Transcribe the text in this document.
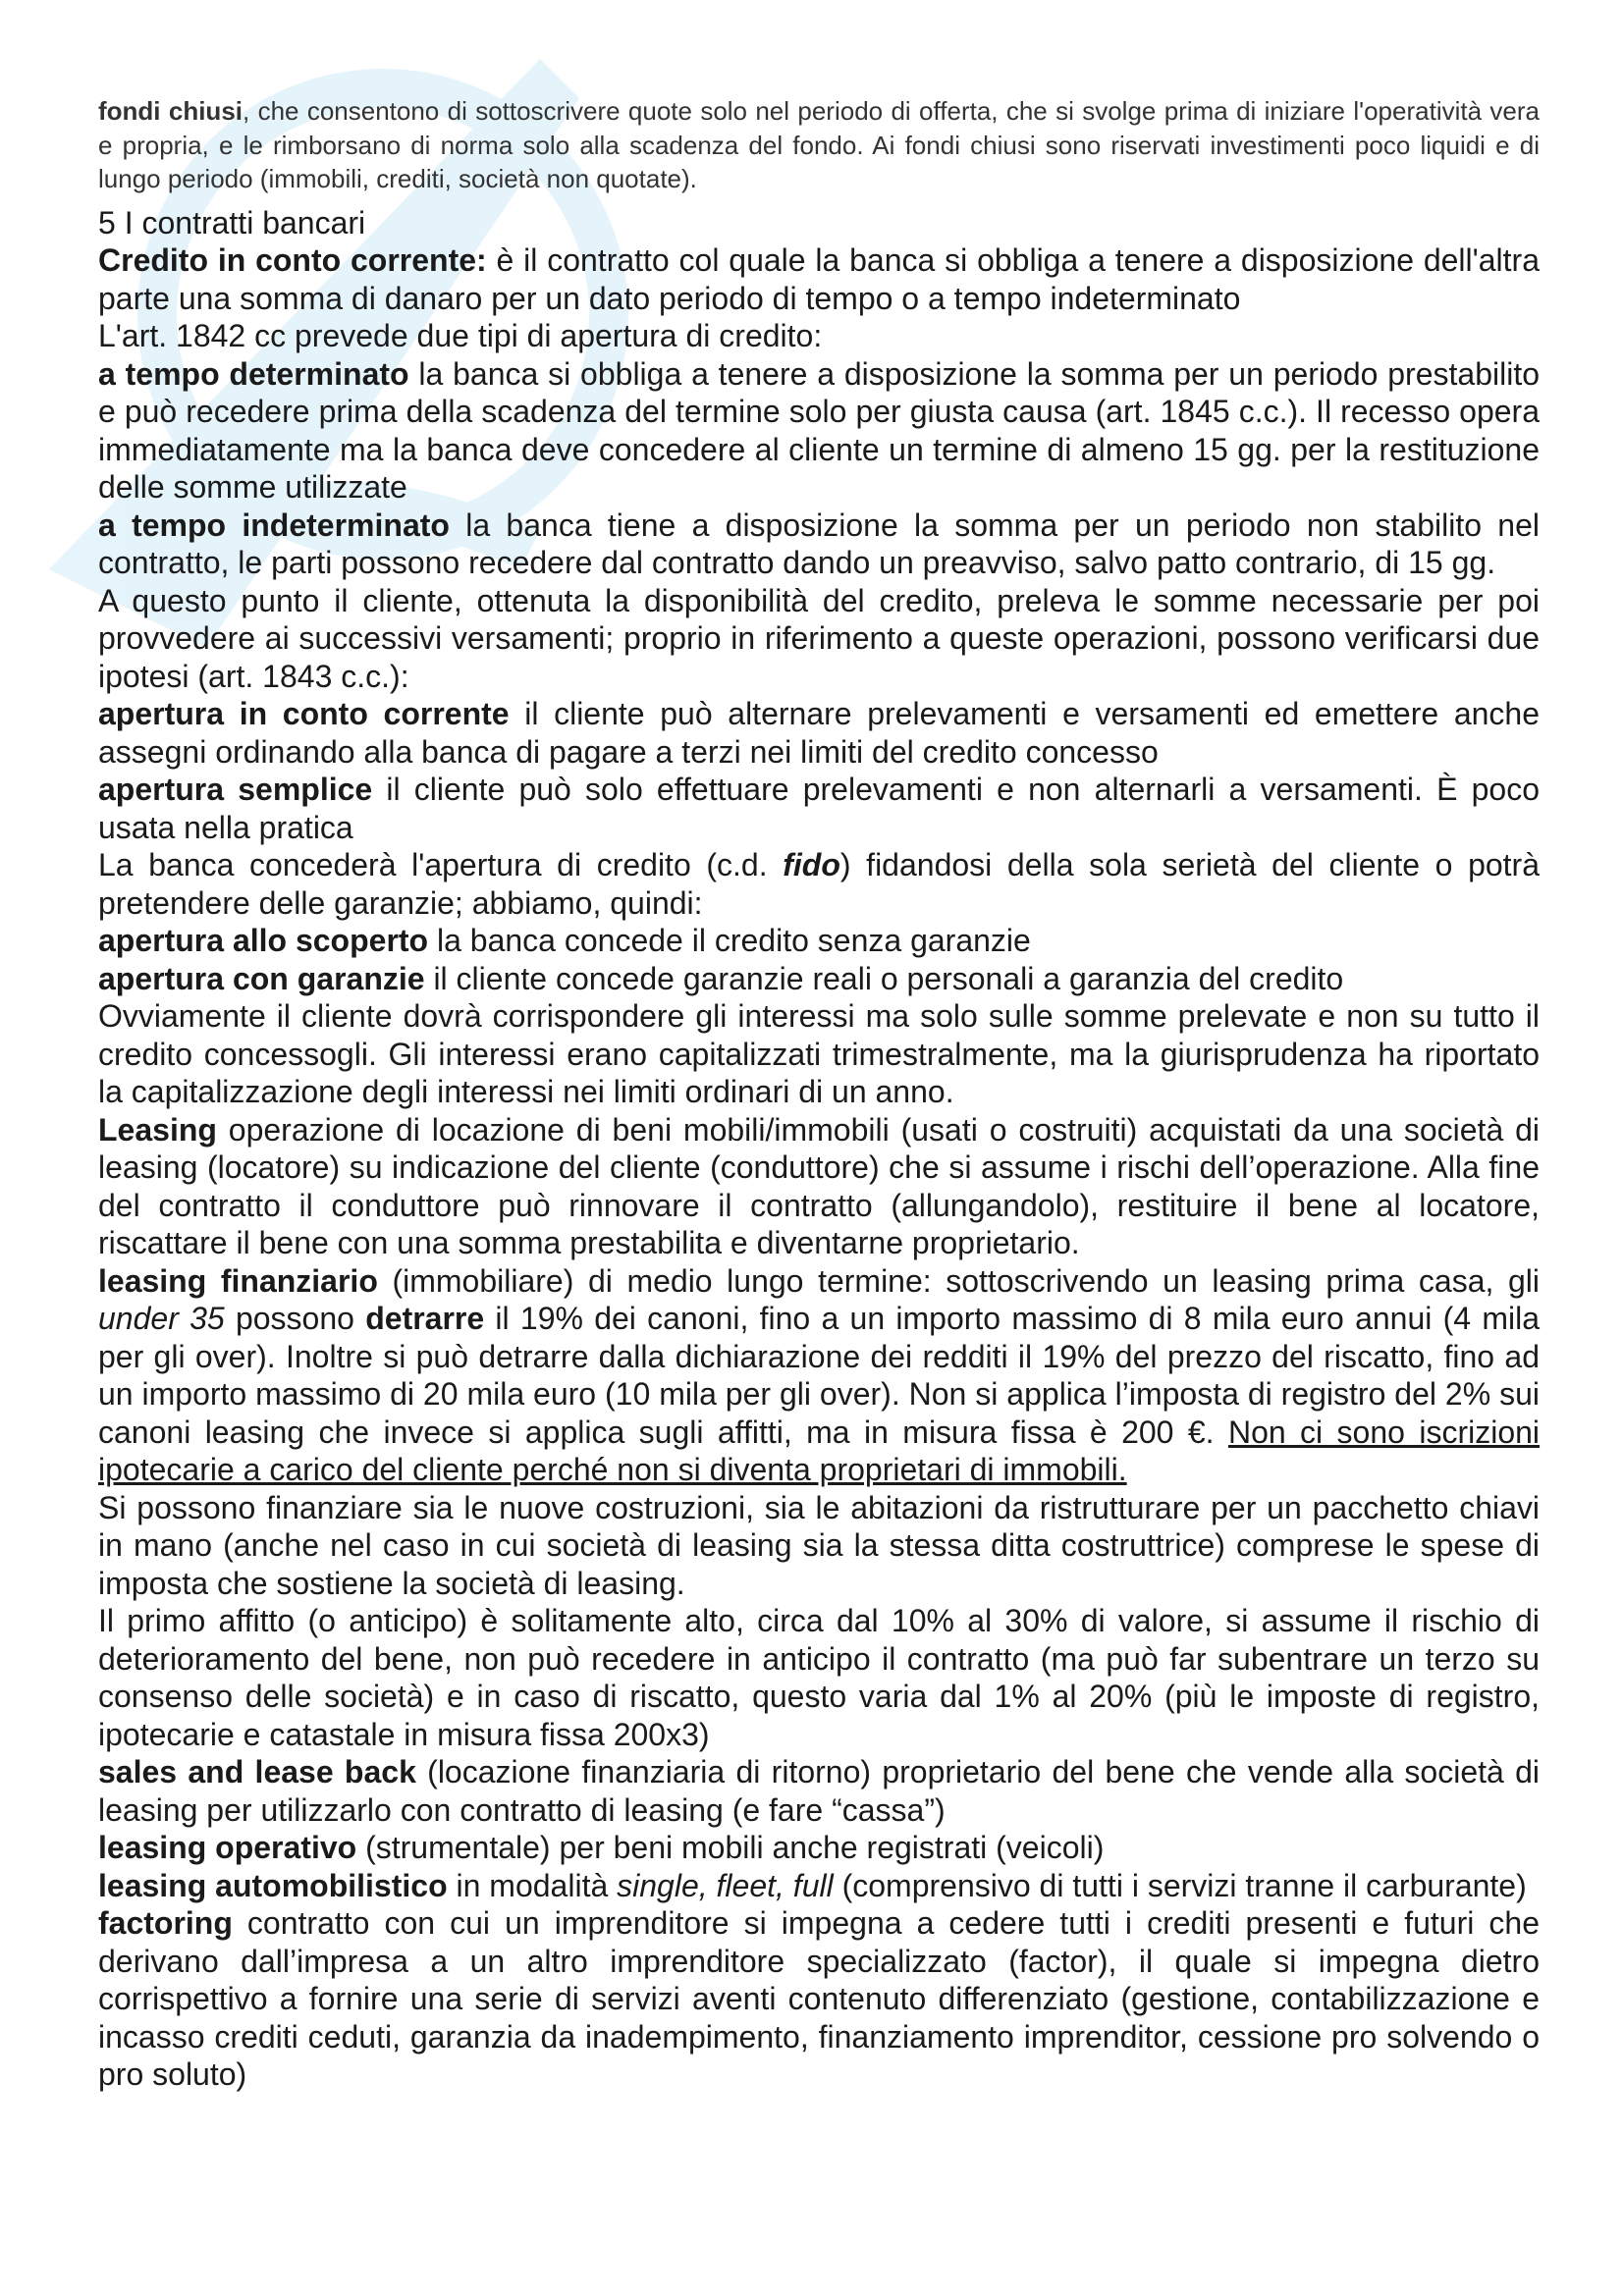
fondi chiusi, che consentono di sottoscrivere quote solo nel periodo di offerta, che si svolge prima di iniziare l'operatività vera e propria, e le rimborsano di norma solo alla scadenza del fondo. Ai fondi chiusi sono riservati investimenti poco liquidi e di lungo periodo (immobili, crediti, società non quotate).

5 I contratti bancari

Credito in conto corrente: è il contratto col quale la banca si obbliga a tenere a disposizione dell'altra parte una somma di danaro per un dato periodo di tempo o a tempo indeterminato

L'art. 1842 cc prevede due tipi di apertura di credito:

a tempo determinato la banca si obbliga a tenere a disposizione la somma per un periodo prestabilito e può recedere prima della scadenza del termine solo per giusta causa (art. 1845 c.c.). Il recesso opera immediatamente ma la banca deve concedere al cliente un termine di almeno 15 gg. per la restituzione delle somme utilizzate

a tempo indeterminato la banca tiene a disposizione la somma per un periodo non stabilito nel contratto, le parti possono recedere dal contratto dando un preavviso, salvo patto contrario, di 15 gg.

A questo punto il cliente, ottenuta la disponibilità del credito, preleva le somme necessarie per poi provvedere ai successivi versamenti; proprio in riferimento a queste operazioni, possono verificarsi due ipotesi (art. 1843 c.c.):

apertura in conto corrente il cliente può alternare prelevamenti e versamenti ed emettere anche assegni ordinando alla banca di pagare a terzi nei limiti del credito concesso

apertura semplice il cliente può solo effettuare prelevamenti e non alternarli a versamenti. È poco usata nella pratica

La banca concederà l'apertura di credito (c.d. fido) fidandosi della sola serietà del cliente o potrà pretendere delle garanzie; abbiamo, quindi:

apertura allo scoperto la banca concede il credito senza garanzie

apertura con garanzie il cliente concede garanzie reali o personali a garanzia del credito

Ovviamente il cliente dovrà corrispondere gli interessi ma solo sulle somme prelevate e non su tutto il credito concessogli. Gli interessi erano capitalizzati trimestralmente, ma la giurisprudenza ha riportato la capitalizzazione degli interessi nei limiti ordinari di un anno.

Leasing operazione di locazione di beni mobili/immobili (usati o costruiti) acquistati da una società di leasing (locatore) su indicazione del cliente (conduttore) che si assume i rischi dell’operazione. Alla fine del contratto il conduttore può rinnovare il contratto (allungandolo), restituire il bene al locatore, riscattare il bene con una somma prestabilita e diventarne proprietario.

leasing finanziario (immobiliare) di medio lungo termine: sottoscrivendo un leasing prima casa, gli under 35 possono detrarre il 19% dei canoni, fino a un importo massimo di 8 mila euro annui (4 mila per gli over). Inoltre si può detrarre dalla dichiarazione dei redditi il 19% del prezzo del riscatto, fino ad un importo massimo di 20 mila euro (10 mila per gli over). Non si applica l’imposta di registro del 2% sui canoni leasing che invece si applica sugli affitti, ma in misura fissa è 200 €. Non ci sono iscrizioni ipotecarie a carico del cliente perché non si diventa proprietari di immobili.

Si possono finanziare sia le nuove costruzioni, sia le abitazioni da ristrutturare per un pacchetto chiavi in mano (anche nel caso in cui società di leasing sia la stessa ditta costruttrice) comprese le spese di imposta che sostiene la società di leasing.

Il primo affitto (o anticipo) è solitamente alto, circa dal 10% al 30% di valore, si assume il rischio di deterioramento del bene, non può recedere in anticipo il contratto (ma può far subentrare un terzo su consenso delle società) e in caso di riscatto, questo varia dal 1% al 20% (più le imposte di registro, ipotecarie e catastale in misura fissa 200x3)

sales and lease back (locazione finanziaria di ritorno) proprietario del bene che vende alla società di leasing per utilizzarlo con contratto di leasing (e fare “cassa”)

leasing operativo (strumentale) per beni mobili anche registrati (veicoli)

leasing automobilistico in modalità single, fleet, full (comprensivo di tutti i servizi tranne il carburante)

factoring contratto con cui un imprenditore si impegna a cedere tutti i crediti presenti e futuri che derivano dall’impresa a un altro imprenditore specializzato (factor), il quale si impegna dietro corrispettivo a fornire una serie di servizi aventi contenuto differenziato (gestione, contabilizzazione e incasso crediti ceduti, garanzia da inadempimento, finanziamento imprenditor, cessione pro solvendo o pro soluto)
